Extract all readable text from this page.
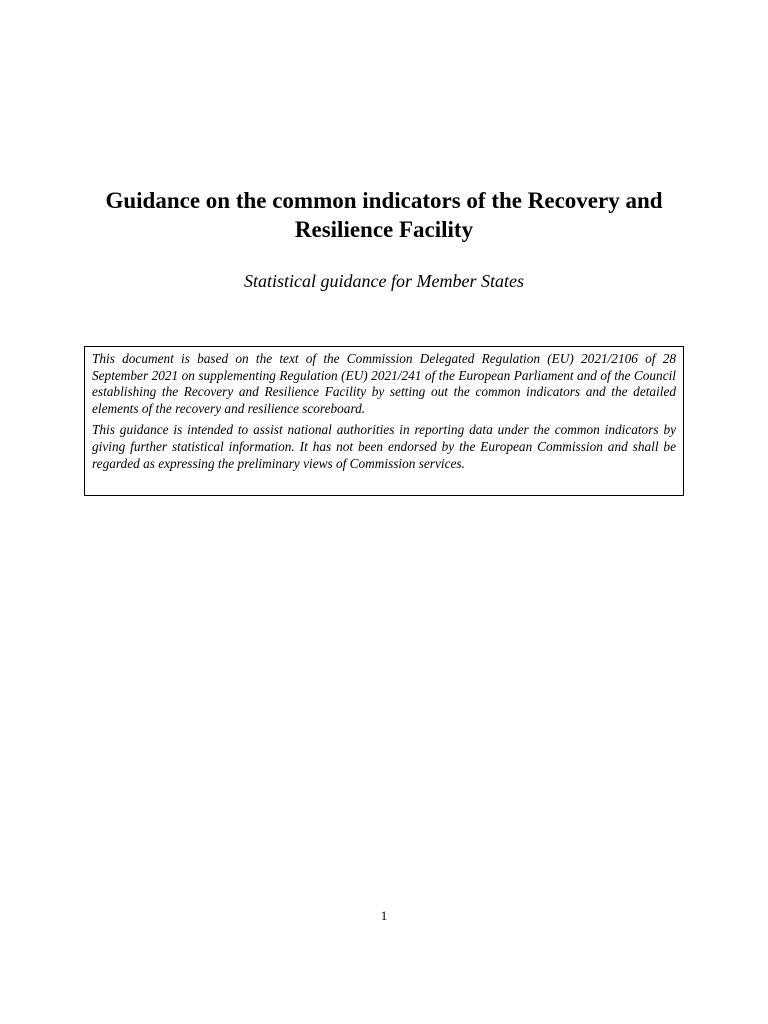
Guidance on the common indicators of the Recovery and Resilience Facility

Statistical guidance for Member States

This document is based on the text of the Commission Delegated Regulation (EU) 2021/2106 of 28 September 2021 on supplementing Regulation (EU) 2021/241 of the European Parliament and of the Council establishing the Recovery and Resilience Facility by setting out the common indicators and the detailed elements of the recovery and resilience scoreboard.

This guidance is intended to assist national authorities in reporting data under the common indicators by giving further statistical information. It has not been endorsed by the European Commission and shall be regarded as expressing the preliminary views of Commission services.

1
